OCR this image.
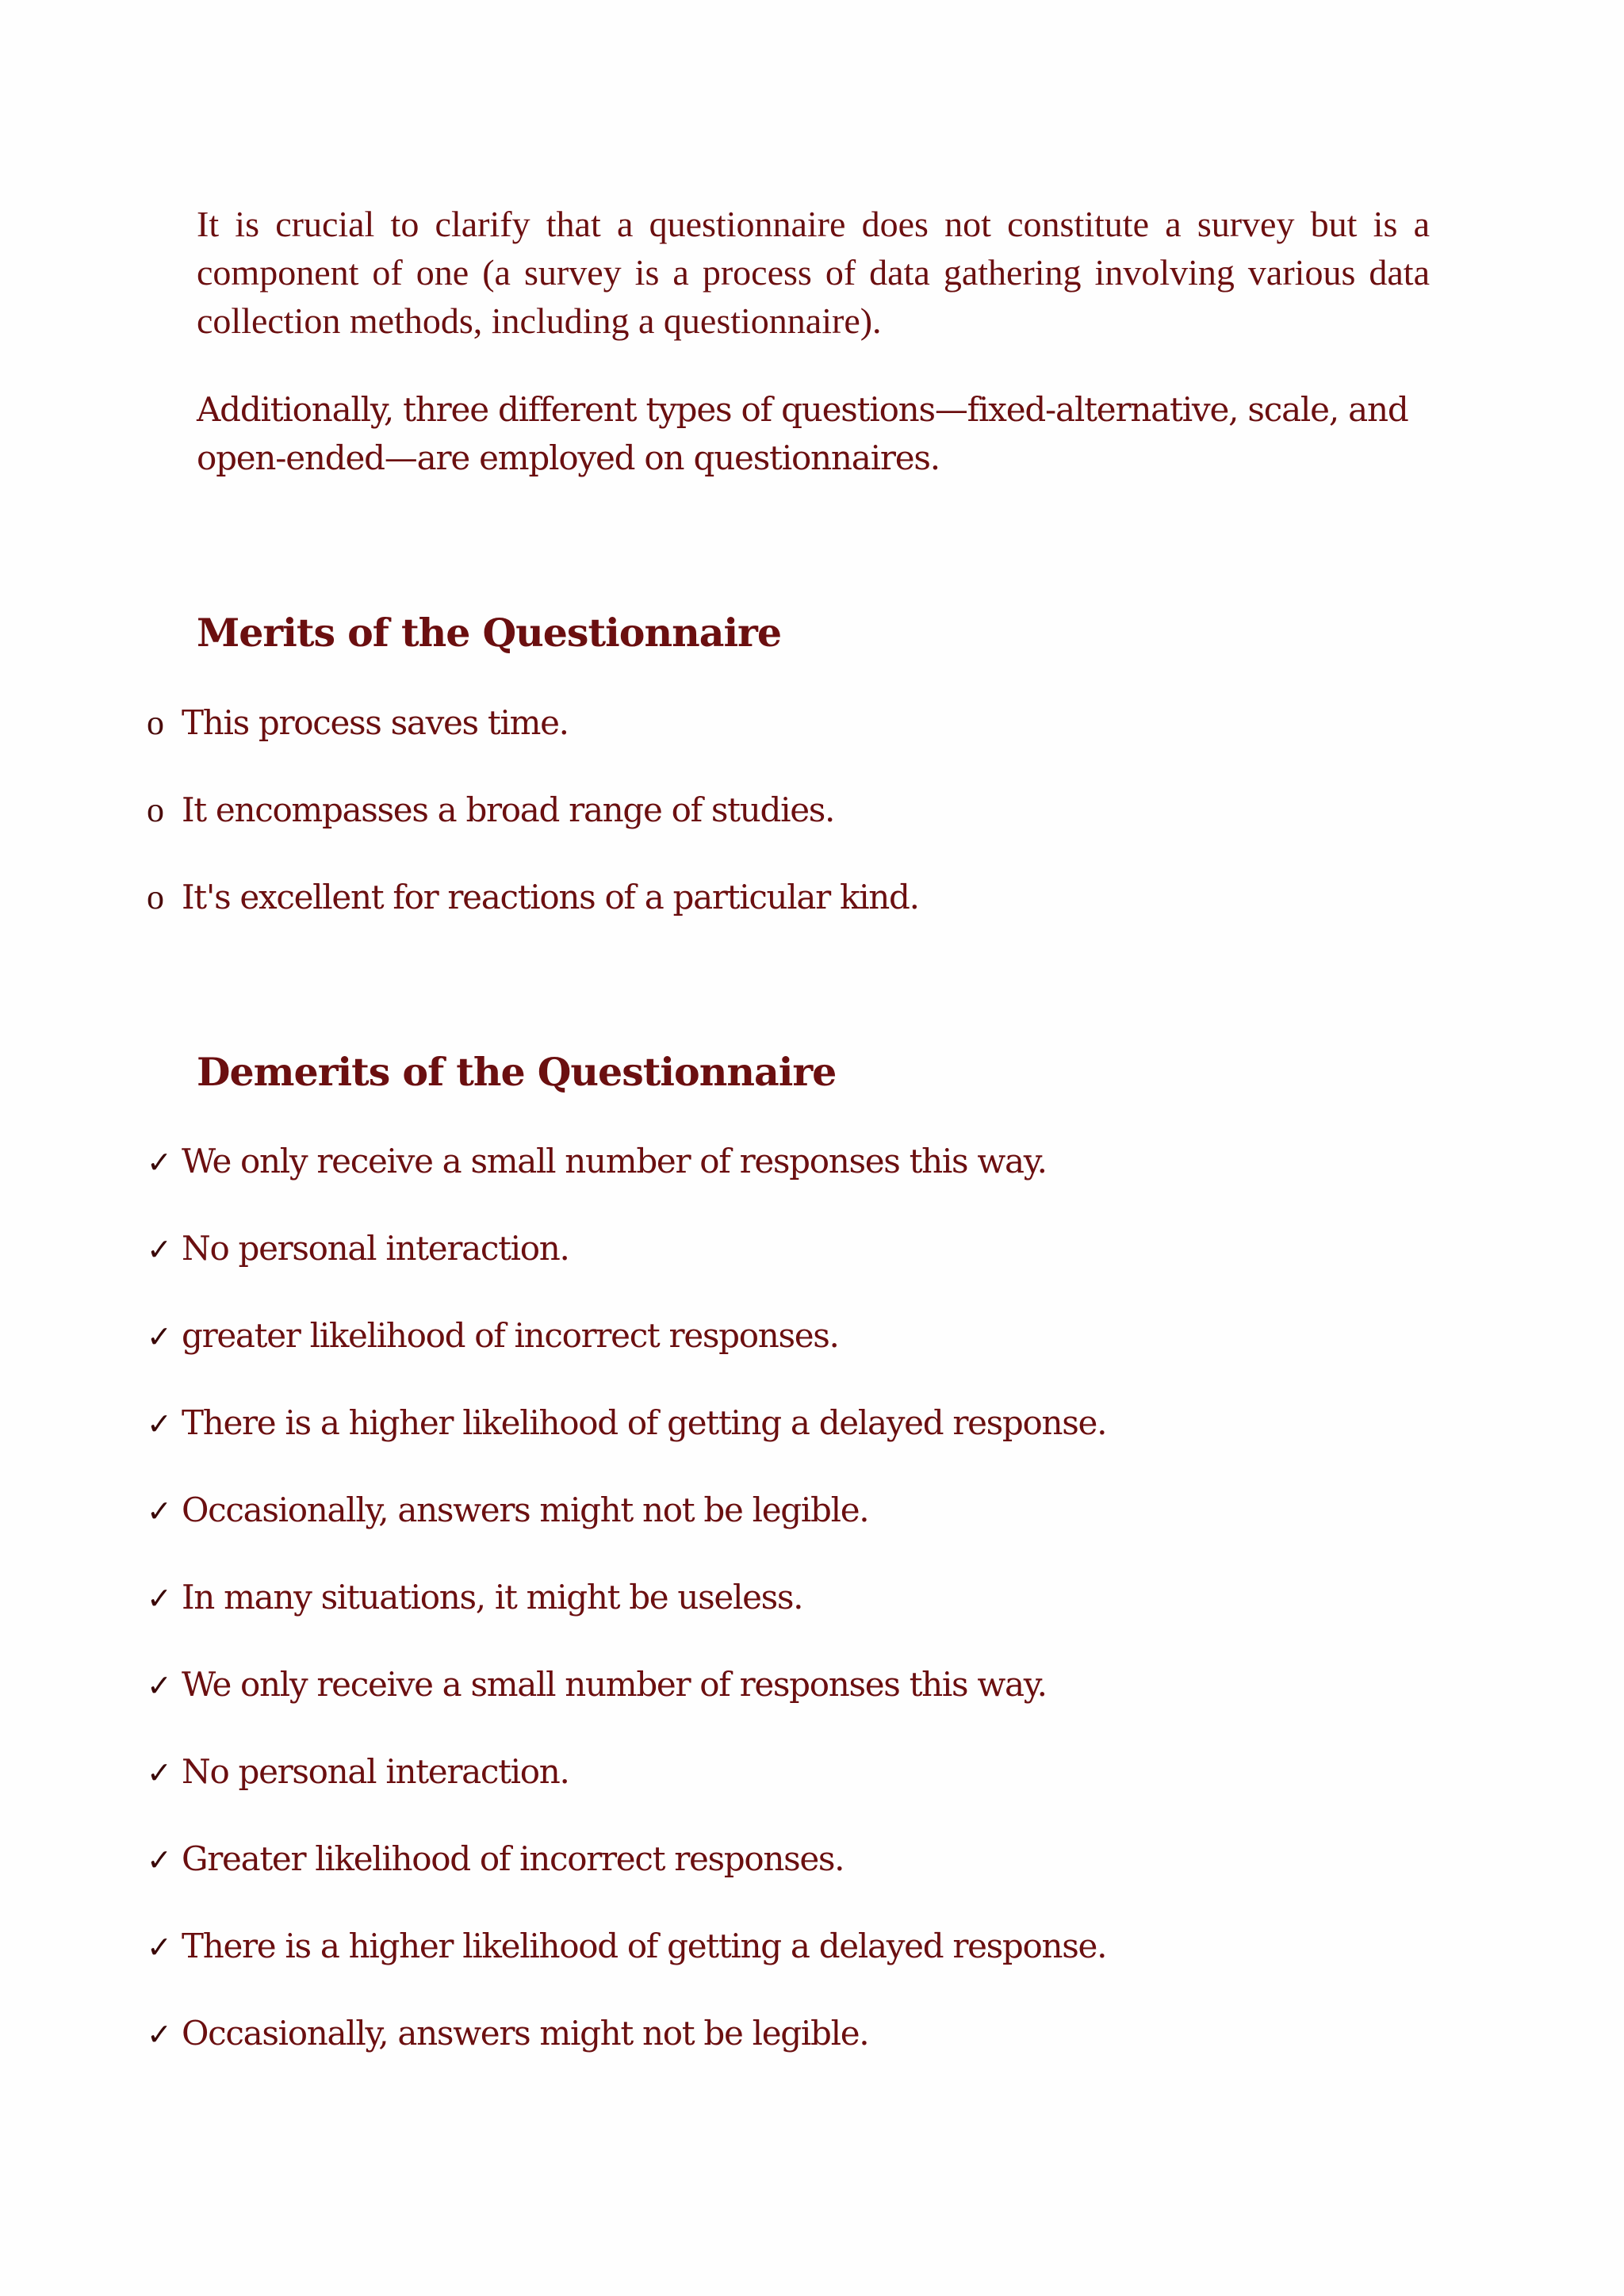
It is crucial to clarify that a questionnaire does not constitute a survey but is a component of one (a survey is a process of data gathering involving various data collection methods, including a questionnaire).

Additionally, three different types of questions—fixed-alternative, scale, and open-ended—are employed on questionnaires.

Merits of the Questionnaire
o This process saves time.
o It encompasses a broad range of studies.
o It's excellent for reactions of a particular kind.
Demerits of the Questionnaire
✓ We only receive a small number of responses this way.
✓ No personal interaction.
✓ greater likelihood of incorrect responses.
✓ There is a higher likelihood of getting a delayed response.
✓ Occasionally, answers might not be legible.
✓ In many situations, it might be useless.
✓ We only receive a small number of responses this way.
✓ No personal interaction.
✓ Greater likelihood of incorrect responses.
✓ There is a higher likelihood of getting a delayed response.
✓ Occasionally, answers might not be legible.
